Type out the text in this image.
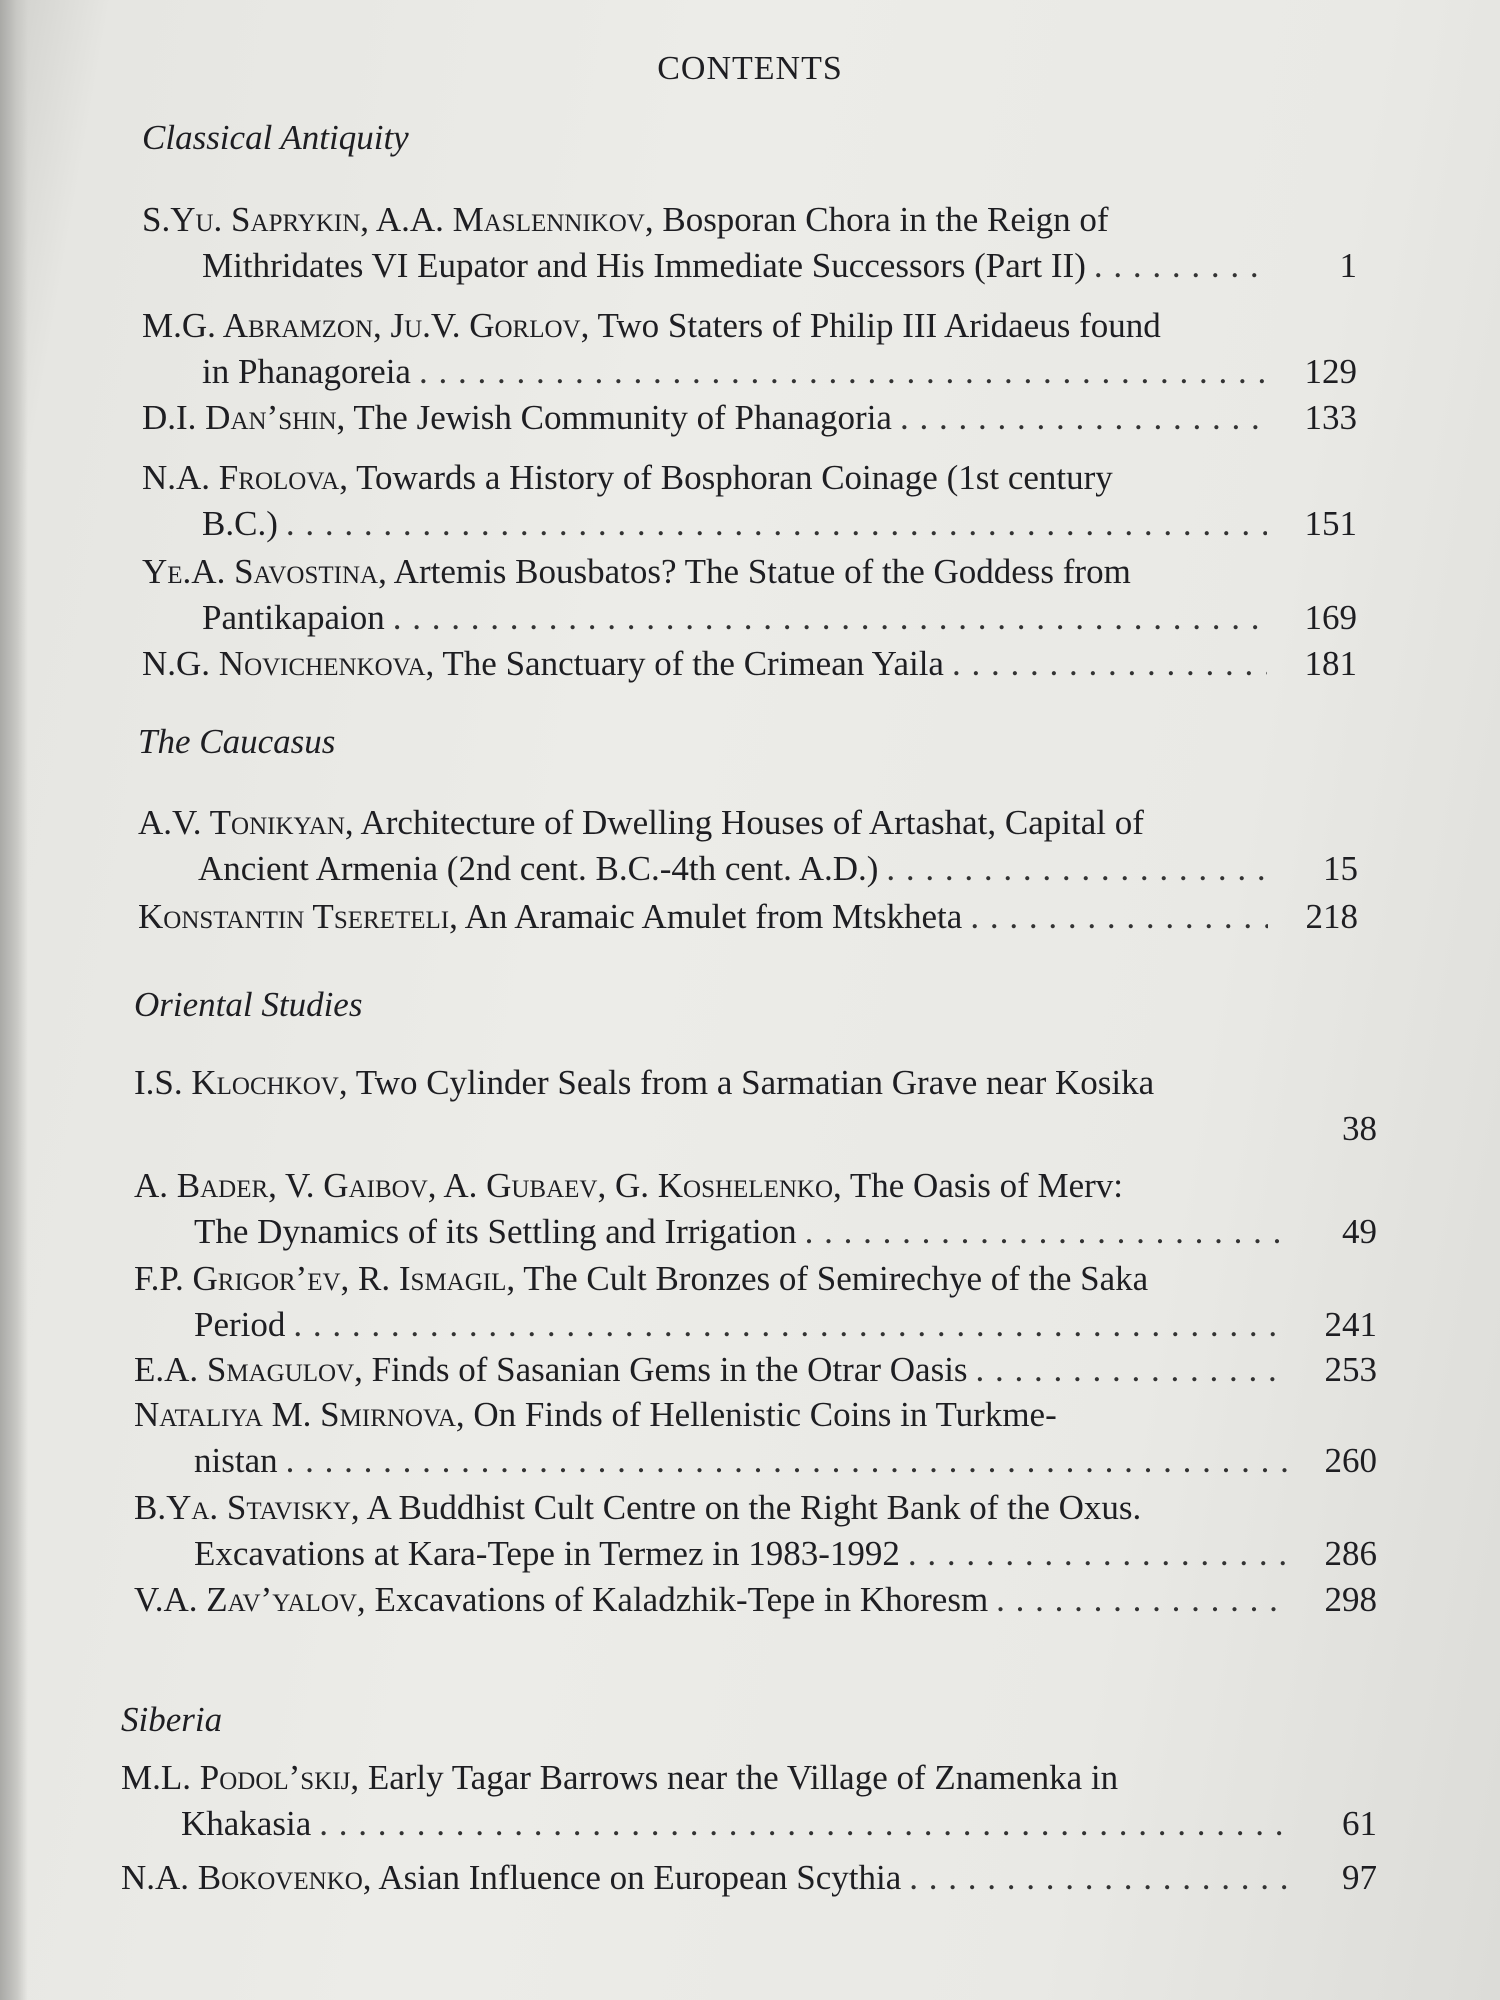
CONTENTS
Classical Antiquity
S.Yu. Saprykin, A.A. Maslennikov, Bosporan Chora in the Reign of
Mithridates VI Eupator and His Immediate Successors (Part II) . . .	1
M.G. Abramzon, Ju.V. Gorlov, Two Staters of Philip III Aridaeus found
in Phanagoreia . . .	129
D.I. Dan’shin, The Jewish Community of Phanagoria . . .	133
N.A. Frolova, Towards a History of Bosphoran Coinage (1st century
B.C.) . . .	151
Ye.A. Savostina, Artemis Bousbatos? The Statue of the Goddess from
Pantikapaion . . .	169
N.G. Novichenkova, The Sanctuary of the Crimean Yaila . . .	181
The Caucasus
A.V. Tonikyan, Architecture of Dwelling Houses of Artashat, Capital of
Ancient Armenia (2nd cent. B.C.-4th cent. A.D.) . . .	15
Konstantin Tsereteli, An Aramaic Amulet from Mtskheta . . .	218
Oriental Studies
I.S. Klochkov, Two Cylinder Seals from a Sarmatian Grave near Kosika
38
A. Bader, V. Gaibov, A. Gubaev, G. Koshelenko, The Oasis of Merv:
The Dynamics of its Settling and Irrigation . . .	49
F.P. Grigor’ev, R. Ismagil, The Cult Bronzes of Semirechye of the Saka
Period . . .	241
E.A. Smagulov, Finds of Sasanian Gems in the Otrar Oasis . . .	253
Nataliya M. Smirnova, On Finds of Hellenistic Coins in Turkme-
nistan . . .	260
B.Ya. Stavisky, A Buddhist Cult Centre on the Right Bank of the Oxus.
Excavations at Kara-Tepe in Termez in 1983-1992 . . .	286
V.A. Zav’yalov, Excavations of Kaladzhik-Tepe in Khoresm . . .	298
Siberia
M.L. Podol’skij, Early Tagar Barrows near the Village of Znamenka in
Khakasia . . .	61
N.A. Bokovenko, Asian Influence on European Scythia . . .	97
